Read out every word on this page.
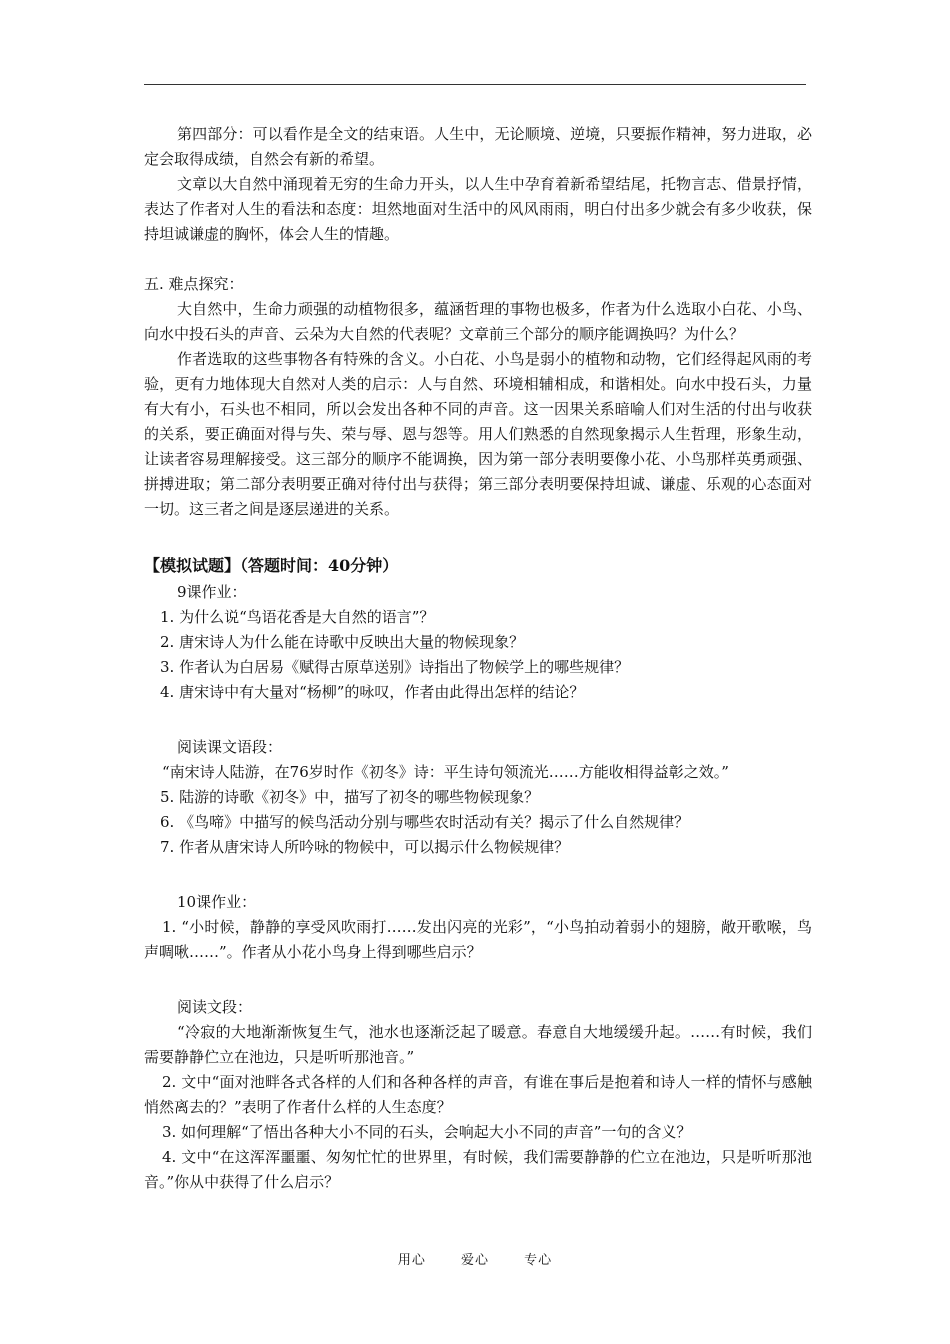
第四部分：可以看作是全文的结束语。人生中，无论顺境、逆境，只要振作精神，努力进取，必定会取得成绩，自然会有新的希望。

文章以大自然中涌现着无穷的生命力开头，以人生中孕育着新希望结尾，托物言志、借景抒情，表达了作者对人生的看法和态度：坦然地面对生活中的风风雨雨，明白付出多少就会有多少收获，保持坦诚谦虚的胸怀，体会人生的情趣。

五. 难点探究：

大自然中，生命力顽强的动植物很多，蕴涵哲理的事物也极多，作者为什么选取小白花、小鸟、向水中投石头的声音、云朵为大自然的代表呢？文章前三个部分的顺序能调换吗？为什么？

作者选取的这些事物各有特殊的含义。小白花、小鸟是弱小的植物和动物，它们经得起风雨的考验，更有力地体现大自然对人类的启示：人与自然、环境相辅相成，和谐相处。向水中投石头，力量有大有小，石头也不相同，所以会发出各种不同的声音。这一因果关系暗喻人们对生活的付出与收获的关系，要正确面对得与失、荣与辱、恩与怨等。用人们熟悉的自然现象揭示人生哲理，形象生动，让读者容易理解接受。这三部分的顺序不能调换，因为第一部分表明要像小花、小鸟那样英勇顽强、拼搏进取；第二部分表明要正确对待付出与获得；第三部分表明要保持坦诚、谦虚、乐观的心态面对一切。这三者之间是逐层递进的关系。

【模拟试题】（答题时间：40分钟）

9课作业：

1. 为什么说“鸟语花香是大自然的语言”？

2. 唐宋诗人为什么能在诗歌中反映出大量的物候现象？

3. 作者认为白居易《赋得古原草送别》诗指出了物候学上的哪些规律？

4. 唐宋诗中有大量对“杨柳”的咏叹，作者由此得出怎样的结论？

阅读课文语段：

“南宋诗人陆游，在76岁时作《初冬》诗：平生诗句领流光……方能收相得益彰之效。”

5. 陆游的诗歌《初冬》中，描写了初冬的哪些物候现象？

6. 《鸟啼》中描写的候鸟活动分别与哪些农时活动有关？揭示了什么自然规律？

7. 作者从唐宋诗人所吟咏的物候中，可以揭示什么物候规律？

10课作业：

1. “小时候，静静的享受风吹雨打……发出闪亮的光彩”，“小鸟拍动着弱小的翅膀，敞开歌喉，鸟声啁啾……”。作者从小花小鸟身上得到哪些启示？

阅读文段：

“冷寂的大地渐渐恢复生气，池水也逐渐泛起了暖意。春意自大地缓缓升起。……有时候，我们需要静静伫立在池边，只是听听那池音。”

2. 文中“面对池畔各式各样的人们和各种各样的声音，有谁在事后是抱着和诗人一样的情怀与感触悄然离去的？”表明了作者什么样的人生态度？

3. 如何理解“了悟出各种大小不同的石头，会响起大小不同的声音”一句的含义？

4. 文中“在这浑浑噩噩、匆匆忙忙的世界里，有时候，我们需要静静的伫立在池边，只是听听那池音。”你从中获得了什么启示？

用心 爱心 专心
